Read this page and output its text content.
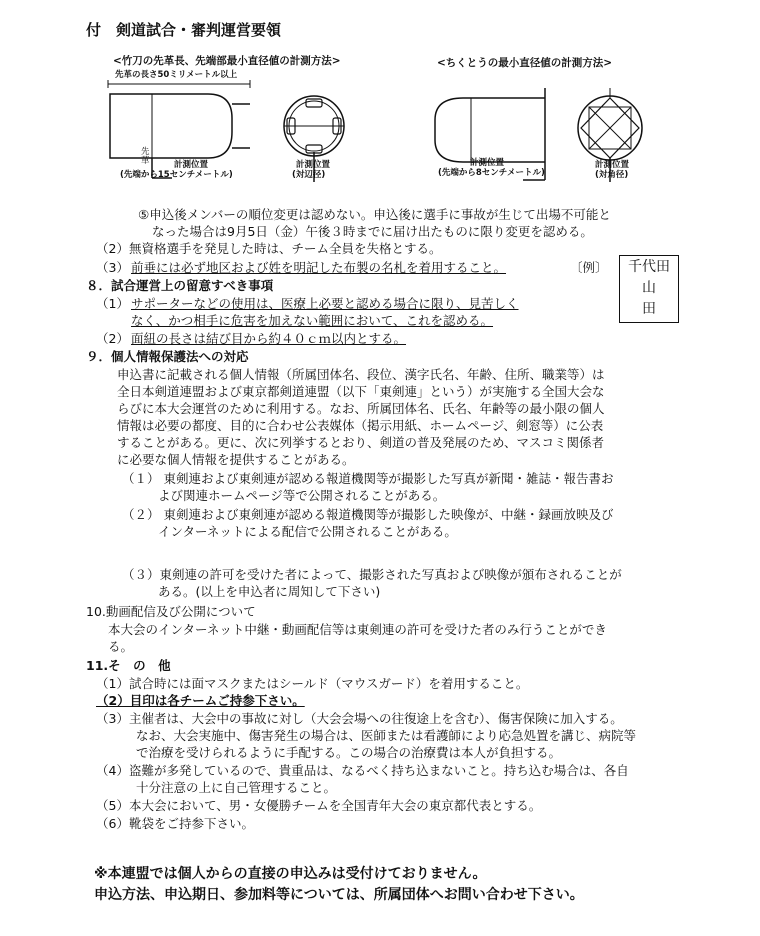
付　剣道試合・審判運営要領
<竹刀の先革長、先端部最小直径値の計測方法>	<ちくとうの最小直径値の計測方法>
先革の長さ50ミリメートル以上
先革	計測位置
(先端から15センチメートル)
計測位置
(対辺径)
計測位置
(先端から8センチメートル)
計測位置
(対角径)
⑤申込後メンバーの順位変更は認めない。申込後に選手に事故が生じて出場不可能と
なった場合は9月5日（金）午後３時までに届け出たものに限り変更を認める。
（2）無資格選手を発見した時は、チーム全員を失格とする。
（3） 前垂には必ず地区および姓を明記した布製の名札を着用すること。	〔例〕	千代田
山
田
８．試合運営上の留意すべき事項
（1） サポーターなどの使用は、医療上必要と認める場合に限り、見苦しく
なく、かつ相手に危害を加えない範囲において、これを認める。
（2） 面紐の長さは結び目から約４０ｃｍ以内とする。
９．個人情報保護法への対応
申込書に記載される個人情報（所属団体名、段位、漢字氏名、年齢、住所、職業等）は
全日本剣道連盟および東京都剣道連盟（以下「東剣連」という）が実施する全国大会な
らびに本大会運営のために利用する。なお、所属団体名、氏名、年齢等の最小限の個人
情報は必要の都度、目的に合わせ公表媒体（掲示用紙、ホームページ、剣窓等）に公表
することがある。更に、次に列挙するとおり、剣道の普及発展のため、マスコミ関係者
に必要な個人情報を提供することがある。
（１） 東剣連および東剣連が認める報道機関等が撮影した写真が新聞・雑誌・報告書お
よび関連ホームページ等で公開されることがある。
（２） 東剣連および東剣連が認める報道機関等が撮影した映像が、中継・録画放映及び
インターネットによる配信で公開されることがある。
（３）東剣連の許可を受けた者によって、撮影された写真および映像が頒布されることが
ある。(以上を申込者に周知して下さい)
10.動画配信及び公開について
本大会のインターネット中継・動画配信等は東剣連の許可を受けた者のみ行うことができ
る。
11.そ　の　他
（1）試合時には面マスクまたはシールド（マウスガード）を着用すること。
（2）目印は各チームご持参下さい。
（3）主催者は、大会中の事故に対し（大会会場への往復途上を含む）、傷害保険に加入する。
なお、大会実施中、傷害発生の場合は、医師または看護師により応急処置を講じ、病院等
で治療を受けられるように手配する。この場合の治療費は本人が負担する。
（4）盗難が多発しているので、貴重品は、なるべく持ち込まないこと。持ち込む場合は、各自
十分注意の上に自己管理すること。
（5）本大会において、男・女優勝チームを全国青年大会の東京都代表とする。
（6）靴袋をご持参下さい。
※本連盟では個人からの直接の申込みは受付けておりません。
申込方法、申込期日、参加料等については、所属団体へお問い合わせ下さい。
